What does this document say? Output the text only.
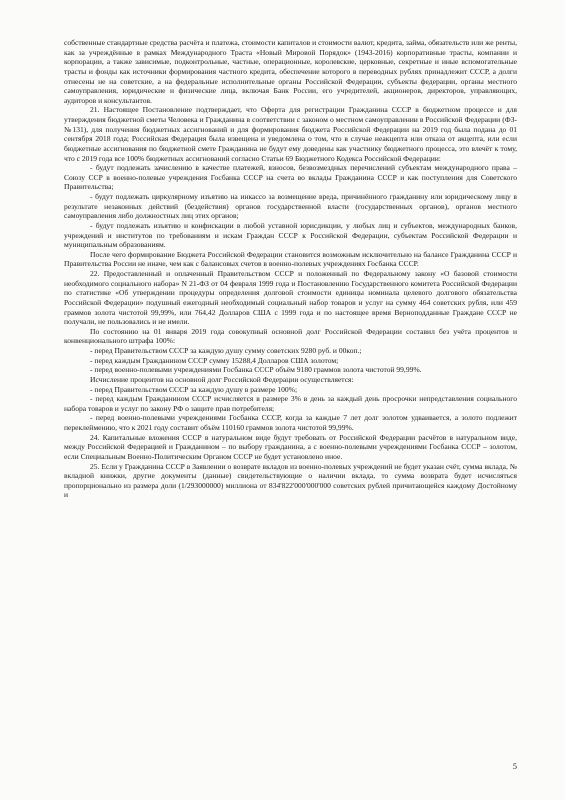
собственные стандартные средства расчёта и платежа, стоимости капиталов и стоимости валют, кредита, займа, обязательств или же ренты, как за учреждённые в рамках Международного Траста «Новый Мировой Порядок» (1943-2016) корпоративные трасты, компании и корпорации, а также зависимые, подконтрольные, частные, операционные, королевские, церковные, секретные и иные вспомогательные трасты и фонды как источники формирования частного кредита, обеспечение которого в переводных рублях принадлежит СССР, а долги отнесены не на советские, а на федеральные исполнительные органы Российской Федерации, субъекты федерации, органы местного самоуправления, юридические и физические лица, включая Банк России, его учредителей, акционеров, директоров, управляющих, аудиторов и консультантов.

21. Настоящее Постановление подтверждает, что Оферта для регистрации Гражданина СССР в бюджетном процессе и для утверждения бюджетной сметы Человека и Гражданина в соответствии с законом о местном самоуправлении в Российской Федерации (ФЗ-№131), для получения бюджетных ассигнований и для формирования бюджета Российской Федерации на 2019 год была подана до 01 сентября 2018 года; Российская Федерация была извещена и уведомлена о том, что в случае неакцепта или отказа от акцепта, или если бюджетные ассигнования по бюджетной смете Гражданина не будут ему доведены как участнику бюджетного процесса, это влечёт к тому, что с 2019 года все 100% бюджетных ассигнований согласно Статьи 69 Бюджетного Кодекса Российской Федерации:

- будут подлежать зачислению в качестве платежей, взносов, безвозмездных перечислений субъектам международного права – Союзу ССР в военно-полевые учреждения Госбанка СССР на счета во вклады Гражданина СССР и как поступления для Советского Правительства;

- будут подлежать циркулярному изъятию на инкассо за возмещение вреда, причинённого гражданину или юридическому лицу в результате незаконных действий (бездействия) органов государственной власти (государственных органов), органов местного самоуправления либо должностных лиц этих органов;

- будут подлежать изъятию и конфискации в любой уставной юрисдикции, у любых лиц и субъектов, международных банков, учреждений и институтов по требованиям и искам Граждан СССР к Российской Федерации, субъектам Российской Федерации и муниципальным образованиям.

После чего формирование Бюджета Российской Федерации становится возможным исключительно на балансе Гражданина СССР и Правительства России не иначе, чем как с балансовых счетов в военно-полевых учреждениях Госбанка СССР.

22. Предоставленный и оплаченный Правительством СССР и положенный по Федеральному закону «О базовой стоимости необходимого социального набора» N 21-ФЗ от 04 февраля 1999 года и Постановлению Государственного комитета Российской Федерации по статистике «Об утверждении процедуры определения долговой стоимости единицы номинала целевого долгового обязательства Российской Федерации» подушный ежегодный необходимый социальный набор товаров и услуг на сумму 464 советских рубля, или 459 граммов золота чистотой 99,99%, или 764,42 Долларов США с 1999 года и по настоящее время Верноподданные Граждане СССР не получали, не пользовались и не имели.

По состоянию на 01 января 2019 года совокупный основной долг Российской Федерации составил без учёта процентов и конвенционального штрафа 100%:

- перед Правительством СССР за каждую душу сумму советских 9280 руб. и 00коп.;

- перед каждым Гражданином СССР сумму 15288,4 Долларов США золотом;

- перед военно-полевыми учреждениями Госбанка СССР объём 9180 граммов золота чистотой 99,99%.

Исчисление процентов на основной долг Российской Федерации осуществляется:

- перед Правительством СССР за каждую душу в размере 100%;

- перед каждым Гражданином СССР исчисляется в размере 3% в день за каждый день просрочки непредставления социального набора товаров и услуг по закону РФ о защите прав потребителя;

- перед военно-полевыми учреждениями Госбанка СССР, когда за каждые 7 лет долг золотом удваивается, а золото подлежит переклеймению, что к 2021 году составит объём 110160 граммов золота чистотой 99,99%.

24. Капитальные вложения СССР в натуральном виде будут требовать от Российской Федерации расчётов в натуральном виде, между Российской Федерацией и Гражданином – по выбору гражданина, а с военно-полевыми учреждениями Госбанка СССР – золотом, если Специальным Военно-Политическим Органом СССР не будет установлено иное.

25. Если у Гражданина СССР в Заявлении о возврате вкладов из военно-полевых учреждений не будет указан счёт, сумма вклада, № вкладной книжки, другие документы (данные) свидетельствующие о наличии вклада, то сумма возврата будет исчисляться пропорционально из размера доли (1/293000000) миллиона от 834'822'000'000'000 советских рублей причитающейся каждому Достойному и

5
